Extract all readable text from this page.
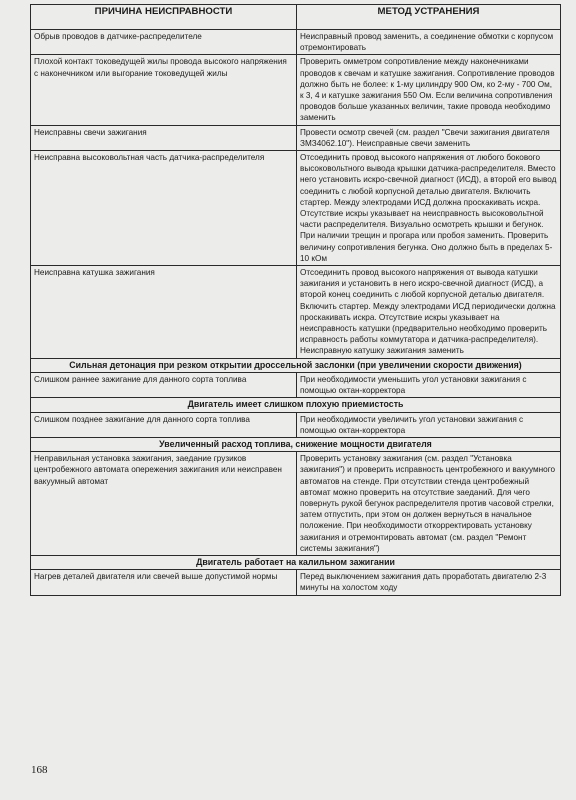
ПРИЧИНА НЕИСПРАВНОСТИ	МЕТОД УСТРАНЕНИЯ
Обрыв проводов в датчике-распределителе	Неисправный провод заменить, а соединение обмотки с корпусом отремонтировать
Плохой контакт токоведущей жилы провода высокого напряжения с наконечником или выгорание токоведущей жилы	Проверить омметром сопротивление между наконечниками проводов к свечам и катушке зажигания. Сопротивление проводов должно быть не более: к 1-му цилиндру 900 Ом, ко 2-му - 700 Ом, к 3, 4 и катушке зажигания 550 Ом. Если величина сопротивления проводов больше указанных величин, такие провода необходимо заменить
Неисправны свечи зажигания	Провести осмотр свечей (см. раздел "Свечи зажигания двигателя ЗМЗ4062.10"). Неисправные свечи заменить
Неисправна высоковольтная часть датчика-распределителя	Отсоединить провод высокого напряжения от любого бокового высоковольтного вывода крышки датчика-распределителя. Вместо него установить искро-свечной диагност (ИСД), а второй его вывод соединить с любой корпусной деталью двигателя. Включить стартер. Между электродами ИСД должна проскакивать искра. Отсутствие искры указывает на неисправность высоковольтной части распределителя. Визуально осмотреть крышки и бегунок. При наличии трещин и прогара или пробоя заменить. Проверить величину сопротивления бегунка. Оно должно быть в пределах 5-10 кОм
Неисправна катушка зажигания	Отсоединить провод высокого напряжения от вывода катушки зажигания и установить в него искро-свечной диагност (ИСД), а второй конец соединить с любой корпусной деталью двигателя. Включить стартер. Между электродами ИСД периодически должна проскакивать искра. Отсутствие искры указывает на неисправность катушки (предварительно необходимо проверить исправность работы коммутатора и датчика-распределителя). Неисправную катушку зажигания заменить
Сильная детонация при резком открытии дроссельной заслонки (при увеличении скорости движения)	
Слишком раннее зажигание для данного сорта топлива	При необходимости уменьшить угол установки зажигания с помощью октан-корректора
Двигатель имеет слишком плохую приемистость	
Слишком позднее зажигание для данного сорта топлива	При необходимости увеличить угол установки зажигания с помощью октан-корректора
Увеличенный расход топлива, снижение мощности двигателя	
Неправильная установка зажигания, заедание грузиков центробежного автомата опережения зажигания или неисправен вакуумный автомат	Проверить установку зажигания (см. раздел "Установка зажигания") и проверить исправность центробежного и вакуумного автоматов на стенде. При отсутствии стенда центробежный автомат можно проверить на отсутствие заеданий. Для чего повернуть рукой бегунок распределителя против часовой стрелки, затем отпустить, при этом он должен вернуться в начальное положение. При необходимости откорректировать установку зажигания и отремонтировать автомат (см. раздел "Ремонт системы зажигания")
Двигатель работает на калильном зажигании	
Нагрев деталей двигателя или свечей выше допустимой нормы	Перед выключением зажигания дать проработать двигателю 2-3 минуты на холостом ходу
168
